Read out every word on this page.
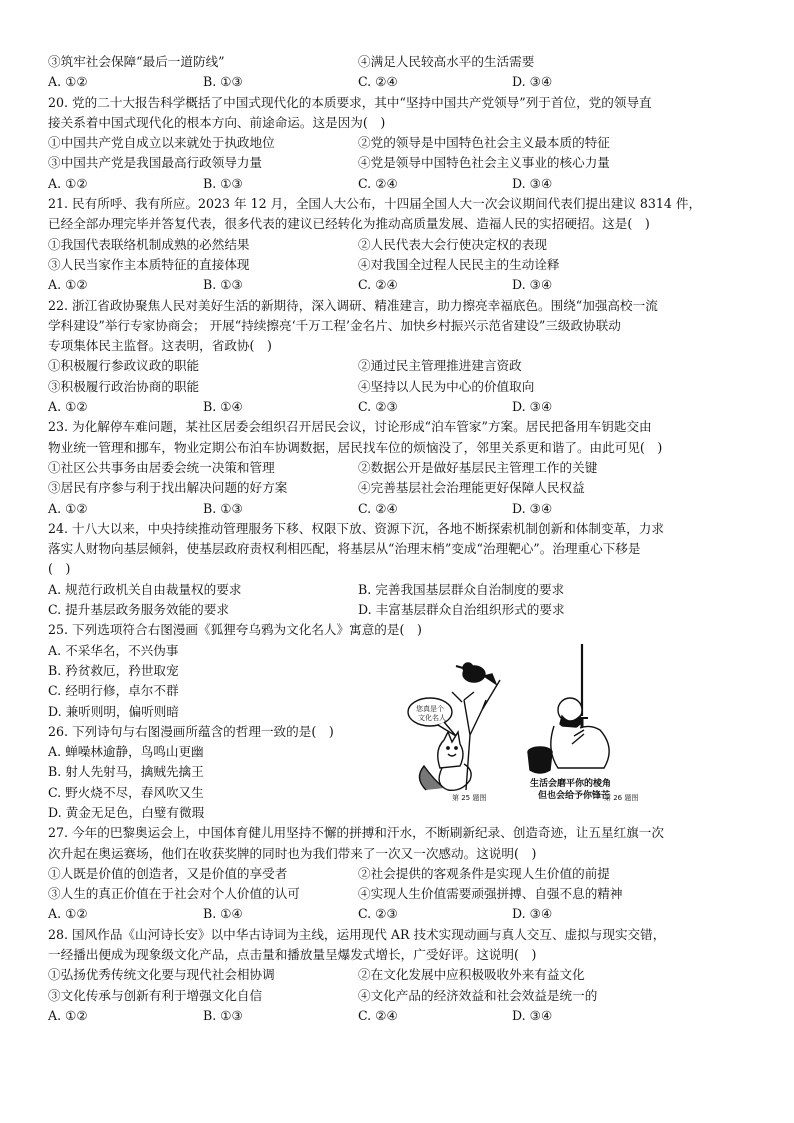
③筑牢社会保障“最后一道防线”	④满足人民较高水平的生活需要
A. ①②	B. ①③	C. ②④	D. ③④
20. 党的二十大报告科学概括了中国式现代化的本质要求，其中“坚持中国共产党领导”列于首位，党的领导直
接关系着中国式现代化的根本方向、前途命运。这是因为(　)
①中国共产党自成立以来就处于执政地位	②党的领导是中国特色社会主义最本质的特征
③中国共产党是我国最高行政领导力量	④党是领导中国特色社会主义事业的核心力量
A. ①②	B. ①③	C. ②④	D. ③④
21. 民有所呼、我有所应。2023 年 12 月，全国人大公布，十四届全国人大一次会议期间代表们提出建议 8314 件，
已经全部办理完毕并答复代表，很多代表的建议已经转化为推动高质量发展、造福人民的实招硬招。这是(　)
①我国代表联络机制成熟的必然结果	②人民代表大会行使决定权的表现
③人民当家作主本质特征的直接体现	④对我国全过程人民民主的生动诠释
A. ①②	B. ①③	C. ②④	D. ③④
22. 浙江省政协聚焦人民对美好生活的新期待，深入调研、精准建言，助力擦亮幸福底色。围绕“加强高校一流
学科建设”举行专家协商会； 开展“持续擦亮‘千万工程’金名片、加快乡村振兴示范省建设”三级政协联动
专项集体民主监督。这表明，省政协(　)
①积极履行参政议政的职能	②通过民主管理推进建言资政
③积极履行政治协商的职能	④坚持以人民为中心的价值取向
A. ①②	B. ①④	C. ②③	D. ③④
23. 为化解停车难问题，某社区居委会组织召开居民会议，讨论形成“泊车管家”方案。居民把备用车钥匙交由
物业统一管理和挪车，物业定期公布泊车协调数据，居民找车位的烦恼没了，邻里关系更和谐了。由此可见(　)
①社区公共事务由居委会统一决策和管理	②数据公开是做好基层民主管理工作的关键
③居民有序参与利于找出解决问题的好方案	④完善基层社会治理能更好保障人民权益
A. ①②	B. ①③	C. ②④	D. ③④
24. 十八大以来，中央持续推动管理服务下移、权限下放、资源下沉，各地不断探索机制创新和体制变革，力求
落实人财物向基层倾斜，使基层政府责权利相匹配，将基层从“治理末梢”变成“治理靶心”。治理重心下移是
(　)
A. 规范行政机关自由裁量权的要求	B. 完善我国基层群众自治制度的要求
C. 提升基层政务服务效能的要求	D. 丰富基层群众自治组织形式的要求
25. 下列选项符合右图漫画《狐狸夸乌鸦为文化名人》寓意的是(　)
A. 不采华名，不兴伪事
B. 矜贫救厄，矜世取宠
C. 经明行修，卓尔不群
D. 兼听则明，偏听则暗
26. 下列诗句与右图漫画所蕴含的哲理一致的是(　)
A. 蝉噪林逾静，鸟鸣山更幽
B. 射人先射马，擒贼先擒王
C. 野火烧不尽，春风吹又生
D. 黄金无足色，白璧有微瑕
27. 今年的巴黎奥运会上，中国体育健儿用坚持不懈的拼搏和汗水，不断刷新纪录、创造奇迹，让五星红旗一次
次升起在奥运赛场，他们在收获奖牌的同时也为我们带来了一次又一次感动。这说明(　)
①人既是价值的创造者，又是价值的享受者	②社会提供的客观条件是实现人生价值的前提
③人生的真正价值在于社会对个人价值的认可	④实现人生价值需要顽强拼搏、自强不息的精神
A. ①②	B. ①④	C. ②③	D. ③④
28. 国风作品《山河诗长安》以中华古诗词为主线，运用现代 AR 技术实现动画与真人交互、虚拟与现实交错，
一经播出便成为现象级文化产品，点击量和播放量呈爆发式增长，广受好评。这说明(　)
①弘扬优秀传统文化要与现代社会相协调	②在文化发展中应积极吸收外来有益文化
③文化传承与创新有利于增强文化自信	④文化产品的经济效益和社会效益是统一的
A. ①②	B. ①③	C. ②④	D. ③④
您真是个
文化名人
生活会磨平你的棱角
但也会给予你锋芒
第 25 题图	第 26 题图
